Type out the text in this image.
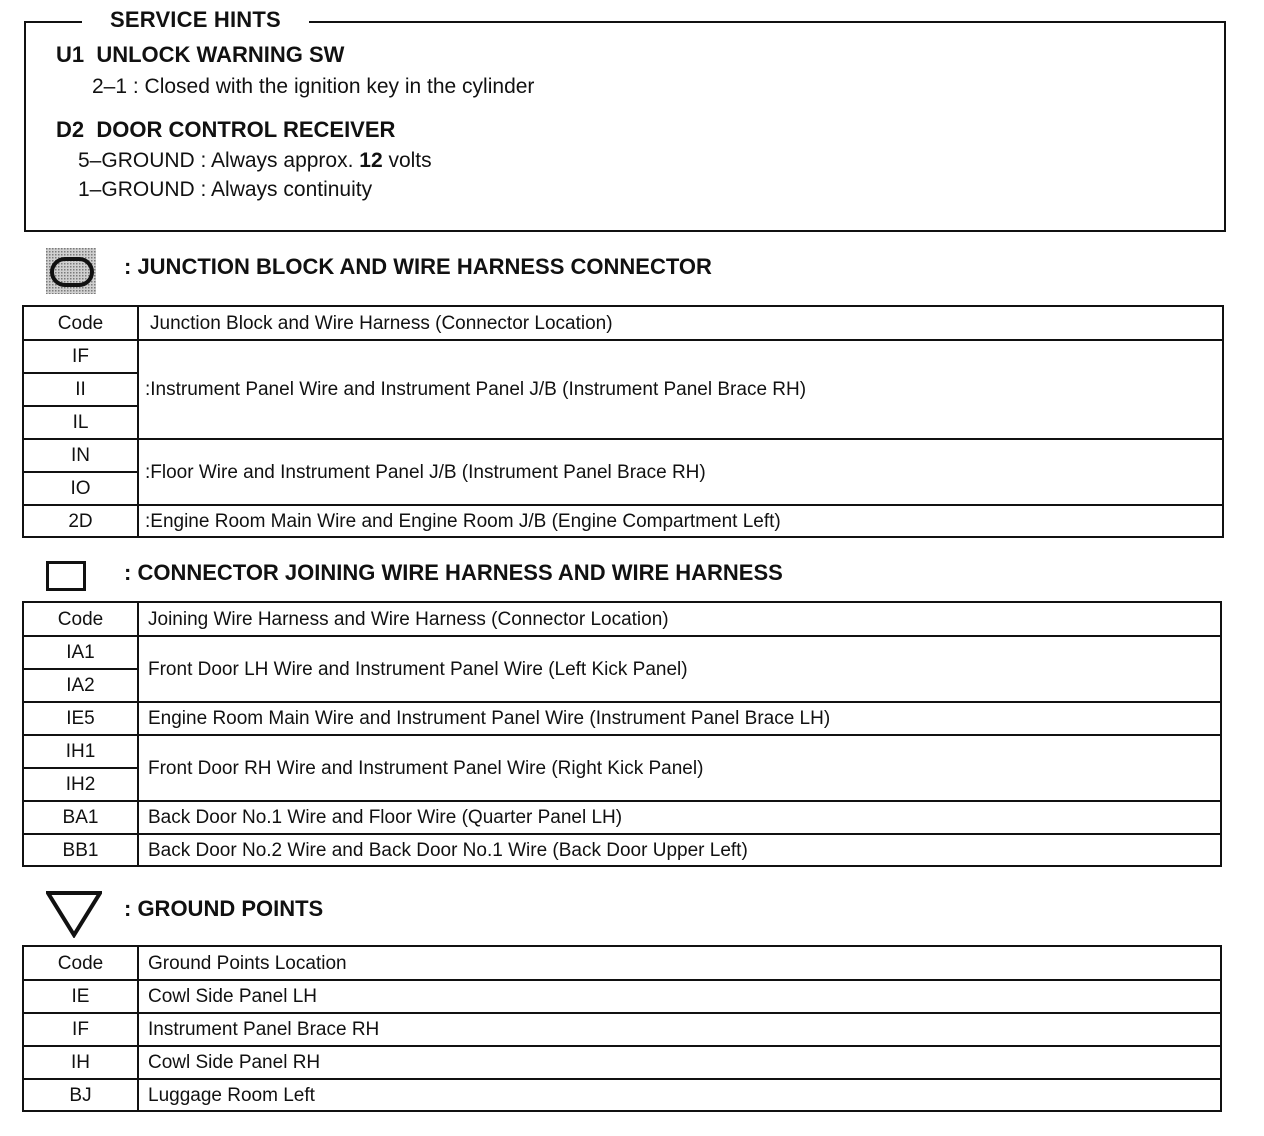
SERVICE HINTS
U1  UNLOCK WARNING SW
2–1 : Closed with the ignition key in the cylinder
D2  DOOR CONTROL RECEIVER
5–GROUND : Always approx. 12 volts
1–GROUND : Always continuity
: JUNCTION BLOCK AND WIRE HARNESS CONNECTOR
Code	Junction Block and Wire Harness (Connector Location)
IF	:Instrument Panel Wire and Instrument Panel J/B (Instrument Panel Brace RH)
II	
IL	
IN	:Floor Wire and Instrument Panel J/B (Instrument Panel Brace RH)
IO	
2D	:Engine Room Main Wire and Engine Room J/B (Engine Compartment Left)
: CONNECTOR JOINING WIRE HARNESS AND WIRE HARNESS
Code	Joining Wire Harness and Wire Harness (Connector Location)
IA1	Front Door LH Wire and Instrument Panel Wire (Left Kick Panel)
IA2	
IE5	Engine Room Main Wire and Instrument Panel Wire (Instrument Panel Brace LH)
IH1	Front Door RH Wire and Instrument Panel Wire (Right Kick Panel)
IH2	
BA1	Back Door No.1 Wire and Floor Wire (Quarter Panel LH)
BB1	Back Door No.2 Wire and Back Door No.1 Wire (Back Door Upper Left)
: GROUND POINTS
Code	Ground Points Location
IE	Cowl Side Panel LH
IF	Instrument Panel Brace RH
IH	Cowl Side Panel RH
BJ	Luggage Room Left
